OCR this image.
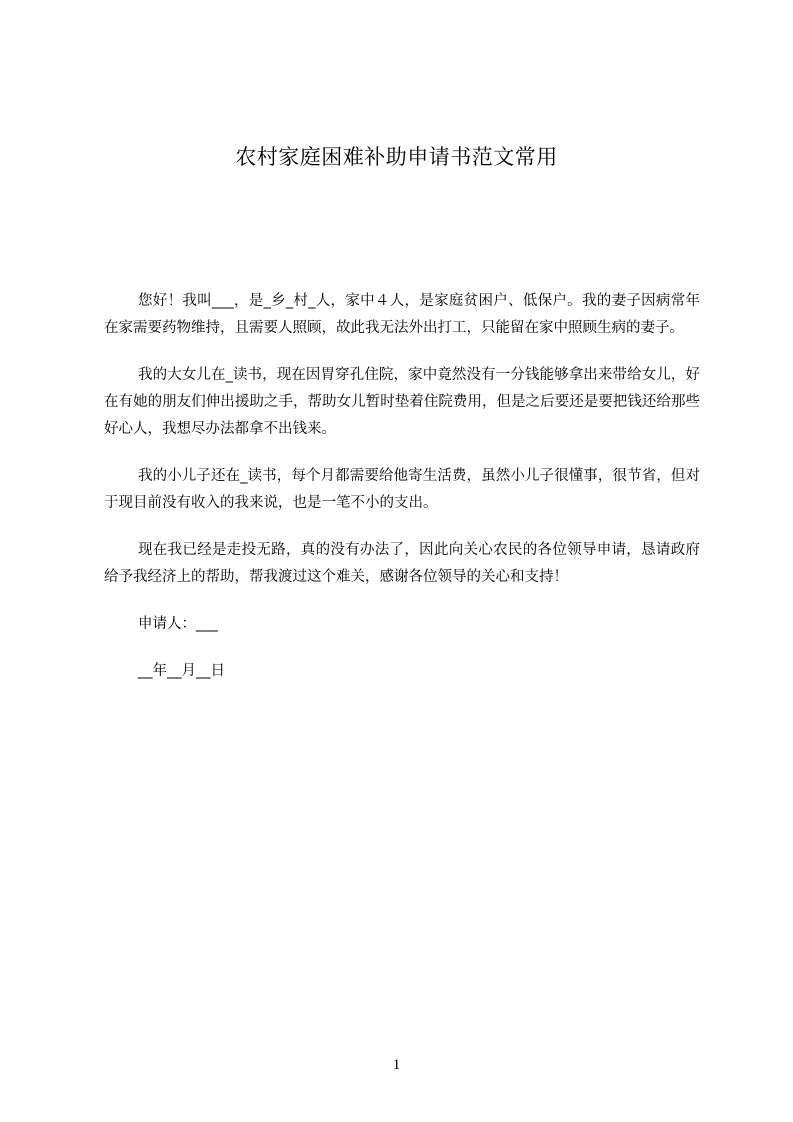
农村家庭困难补助申请书范文常用

您好！我叫___，是_乡_村_人，家中４人，是家庭贫困户、低保户。我的妻子因病常年在家需要药物维持，且需要人照顾，故此我无法外出打工，只能留在家中照顾生病的妻子。

我的大女儿在_读书，现在因胃穿孔住院，家中竟然没有一分钱能够拿出来带给女儿，好在有她的朋友们伸出援助之手，帮助女儿暂时垫着住院费用，但是之后要还是要把钱还给那些好心人，我想尽办法都拿不出钱来。

我的小儿子还在_读书，每个月都需要给他寄生活费，虽然小儿子很懂事，很节省，但对于现目前没有收入的我来说，也是一笔不小的支出。

现在我已经是走投无路，真的没有办法了，因此向关心农民的各位领导申请，恳请政府给予我经济上的帮助，帮我渡过这个难关，感谢各位领导的关心和支持！

申请人：___

__年__月__日

1
